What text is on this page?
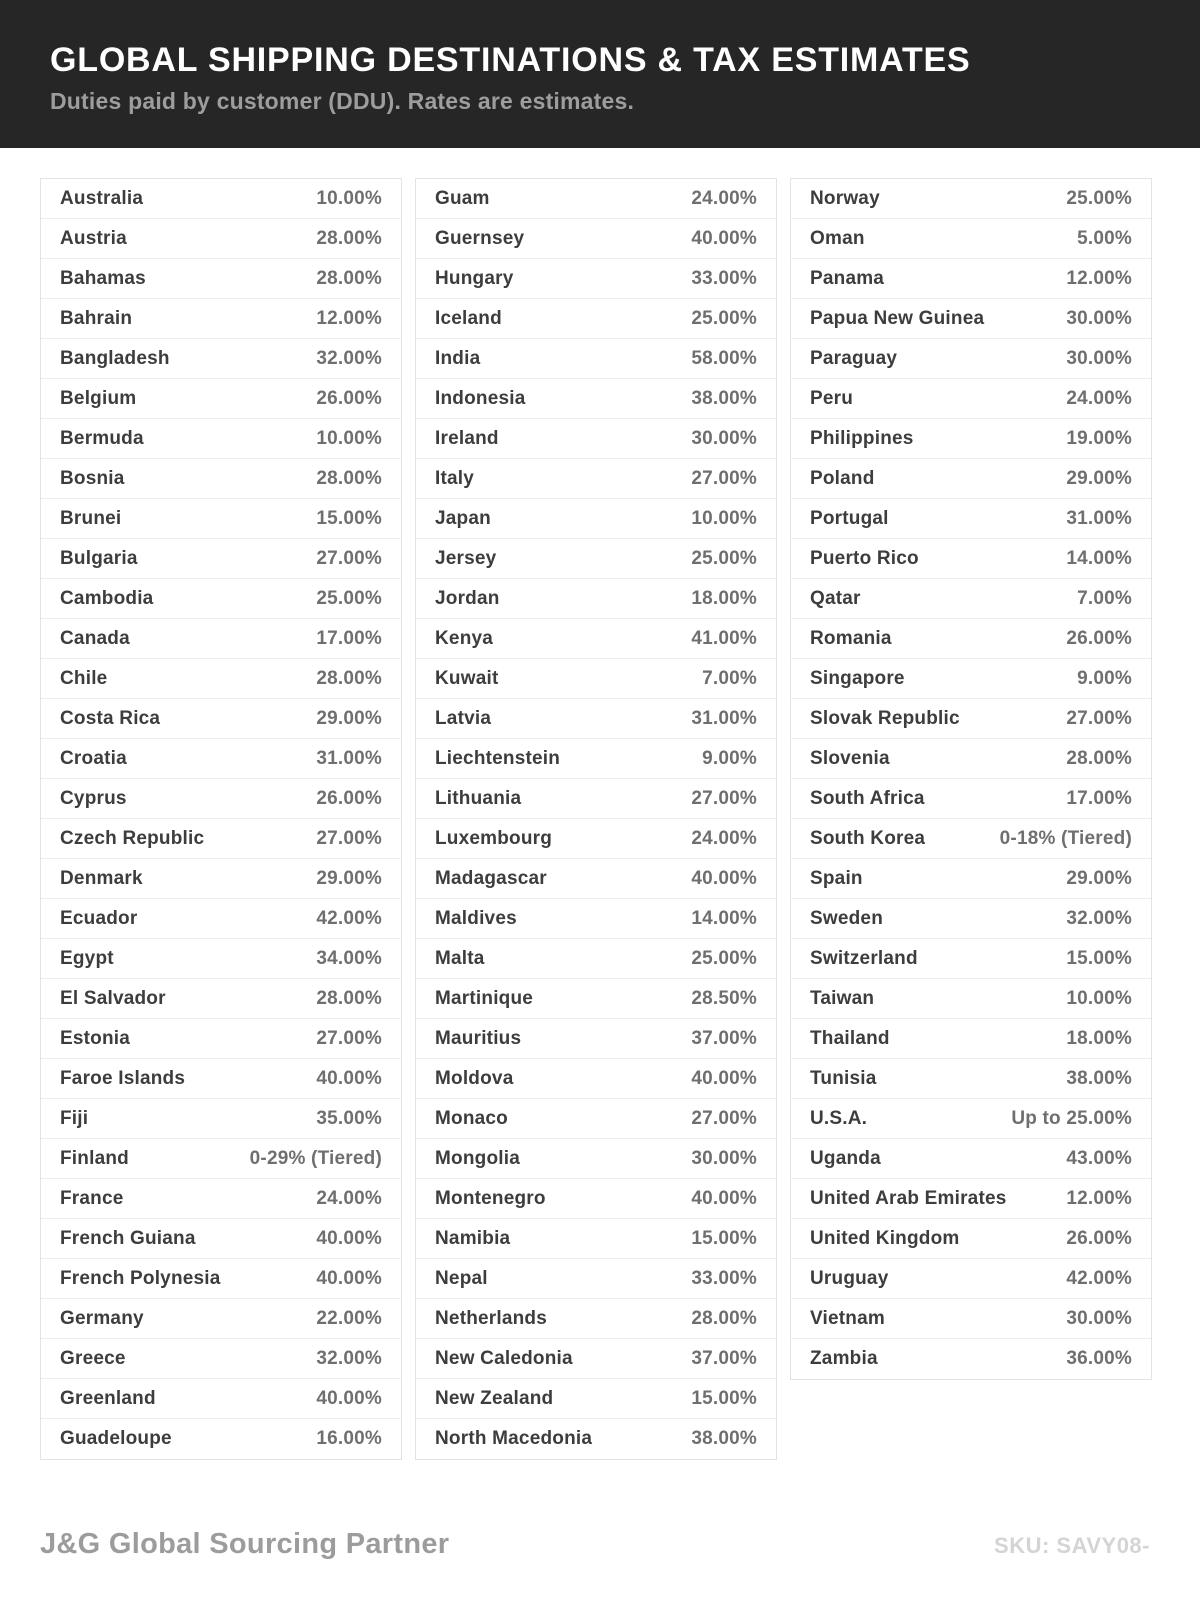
GLOBAL SHIPPING DESTINATIONS & TAX ESTIMATES

Duties paid by customer (DDU). Rates are estimates.

Australia	10.00%
Austria	28.00%
Bahamas	28.00%
Bahrain	12.00%
Bangladesh	32.00%
Belgium	26.00%
Bermuda	10.00%
Bosnia	28.00%
Brunei	15.00%
Bulgaria	27.00%
Cambodia	25.00%
Canada	17.00%
Chile	28.00%
Costa Rica	29.00%
Croatia	31.00%
Cyprus	26.00%
Czech Republic	27.00%
Denmark	29.00%
Ecuador	42.00%
Egypt	34.00%
El Salvador	28.00%
Estonia	27.00%
Faroe Islands	40.00%
Fiji	35.00%
Finland	0-29% (Tiered)
France	24.00%
French Guiana	40.00%
French Polynesia	40.00%
Germany	22.00%
Greece	32.00%
Greenland	40.00%
Guadeloupe	16.00%
Guam	24.00%
Guernsey	40.00%
Hungary	33.00%
Iceland	25.00%
India	58.00%
Indonesia	38.00%
Ireland	30.00%
Italy	27.00%
Japan	10.00%
Jersey	25.00%
Jordan	18.00%
Kenya	41.00%
Kuwait	7.00%
Latvia	31.00%
Liechtenstein	9.00%
Lithuania	27.00%
Luxembourg	24.00%
Madagascar	40.00%
Maldives	14.00%
Malta	25.00%
Martinique	28.50%
Mauritius	37.00%
Moldova	40.00%
Monaco	27.00%
Mongolia	30.00%
Montenegro	40.00%
Namibia	15.00%
Nepal	33.00%
Netherlands	28.00%
New Caledonia	37.00%
New Zealand	15.00%
North Macedonia	38.00%
Norway	25.00%
Oman	5.00%
Panama	12.00%
Papua New Guinea	30.00%
Paraguay	30.00%
Peru	24.00%
Philippines	19.00%
Poland	29.00%
Portugal	31.00%
Puerto Rico	14.00%
Qatar	7.00%
Romania	26.00%
Singapore	9.00%
Slovak Republic	27.00%
Slovenia	28.00%
South Africa	17.00%
South Korea	0-18% (Tiered)
Spain	29.00%
Sweden	32.00%
Switzerland	15.00%
Taiwan	10.00%
Thailand	18.00%
Tunisia	38.00%
U.S.A.	Up to 25.00%
Uganda	43.00%
United Arab Emirates	12.00%
United Kingdom	26.00%
Uruguay	42.00%
Vietnam	30.00%
Zambia	36.00%
J&G Global Sourcing Partner	SKU: SAVY08-
